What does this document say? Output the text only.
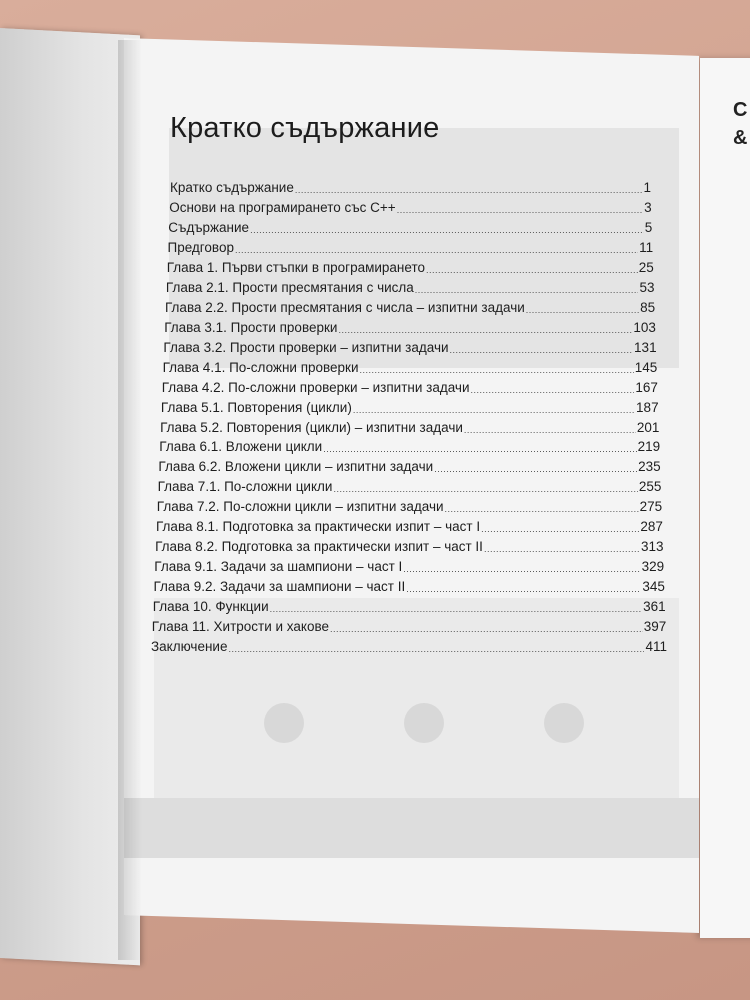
C
&
Кратко съдържание
Кратко съдържание .....	1
Основи на програмирането със С++ .....	3
Съдържание .....	5
Предговор .....	11
Глава 1. Първи стъпки в програмирането .....	25
Глава 2.1. Прости пресмятания с числа .....	53
Глава 2.2. Прости пресмятания с числа – изпитни задачи .....	85
Глава 3.1. Прости проверки .....	103
Глава 3.2. Прости проверки – изпитни задачи .....	131
Глава 4.1. По-сложни проверки .....	145
Глава 4.2. По-сложни проверки – изпитни задачи .....	167
Глава 5.1. Повторения (цикли) .....	187
Глава 5.2. Повторения (цикли) – изпитни задачи .....	201
Глава 6.1. Вложени цикли .....	219
Глава 6.2. Вложени цикли – изпитни задачи .....	235
Глава 7.1. По-сложни цикли .....	255
Глава 7.2. По-сложни цикли – изпитни задачи .....	275
Глава 8.1. Подготовка за практически изпит – част I .....	287
Глава 8.2. Подготовка за практически изпит – част II .....	313
Глава 9.1. Задачи за шампиони – част I .....	329
Глава 9.2. Задачи за шампиони – част II .....	345
Глава 10. Функции .....	361
Глава 11. Хитрости и хакове .....	397
Заключение .....	411
